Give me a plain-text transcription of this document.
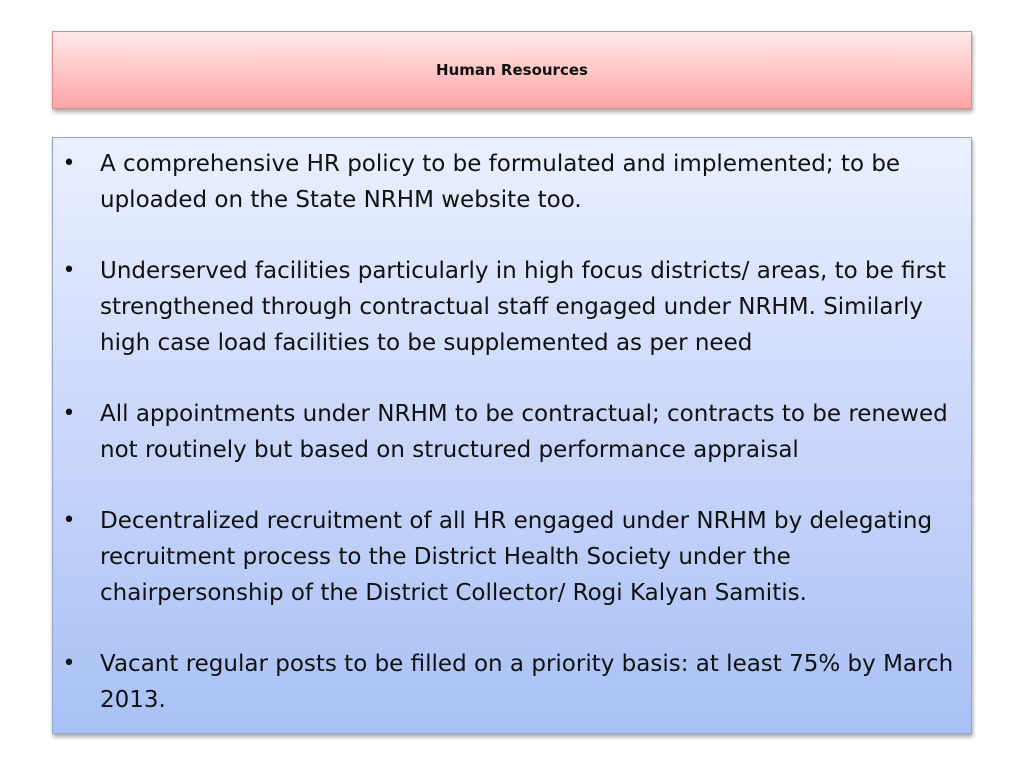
Human Resources
• A comprehensive HR policy to be formulated and implemented; to be uploaded on the State NRHM website too.
• Underserved facilities particularly in high focus districts/ areas, to be first strengthened through contractual staff engaged under NRHM. Similarly high case load facilities to be supplemented as per need
• All appointments under NRHM to be contractual; contracts to be renewed not routinely but based on structured performance appraisal
• Decentralized recruitment of all HR engaged under NRHM by delegating recruitment process to the District Health Society under the chairpersonship of the District Collector/ Rogi Kalyan Samitis.
• Vacant regular posts to be filled on a priority basis: at least 75% by March 2013.
